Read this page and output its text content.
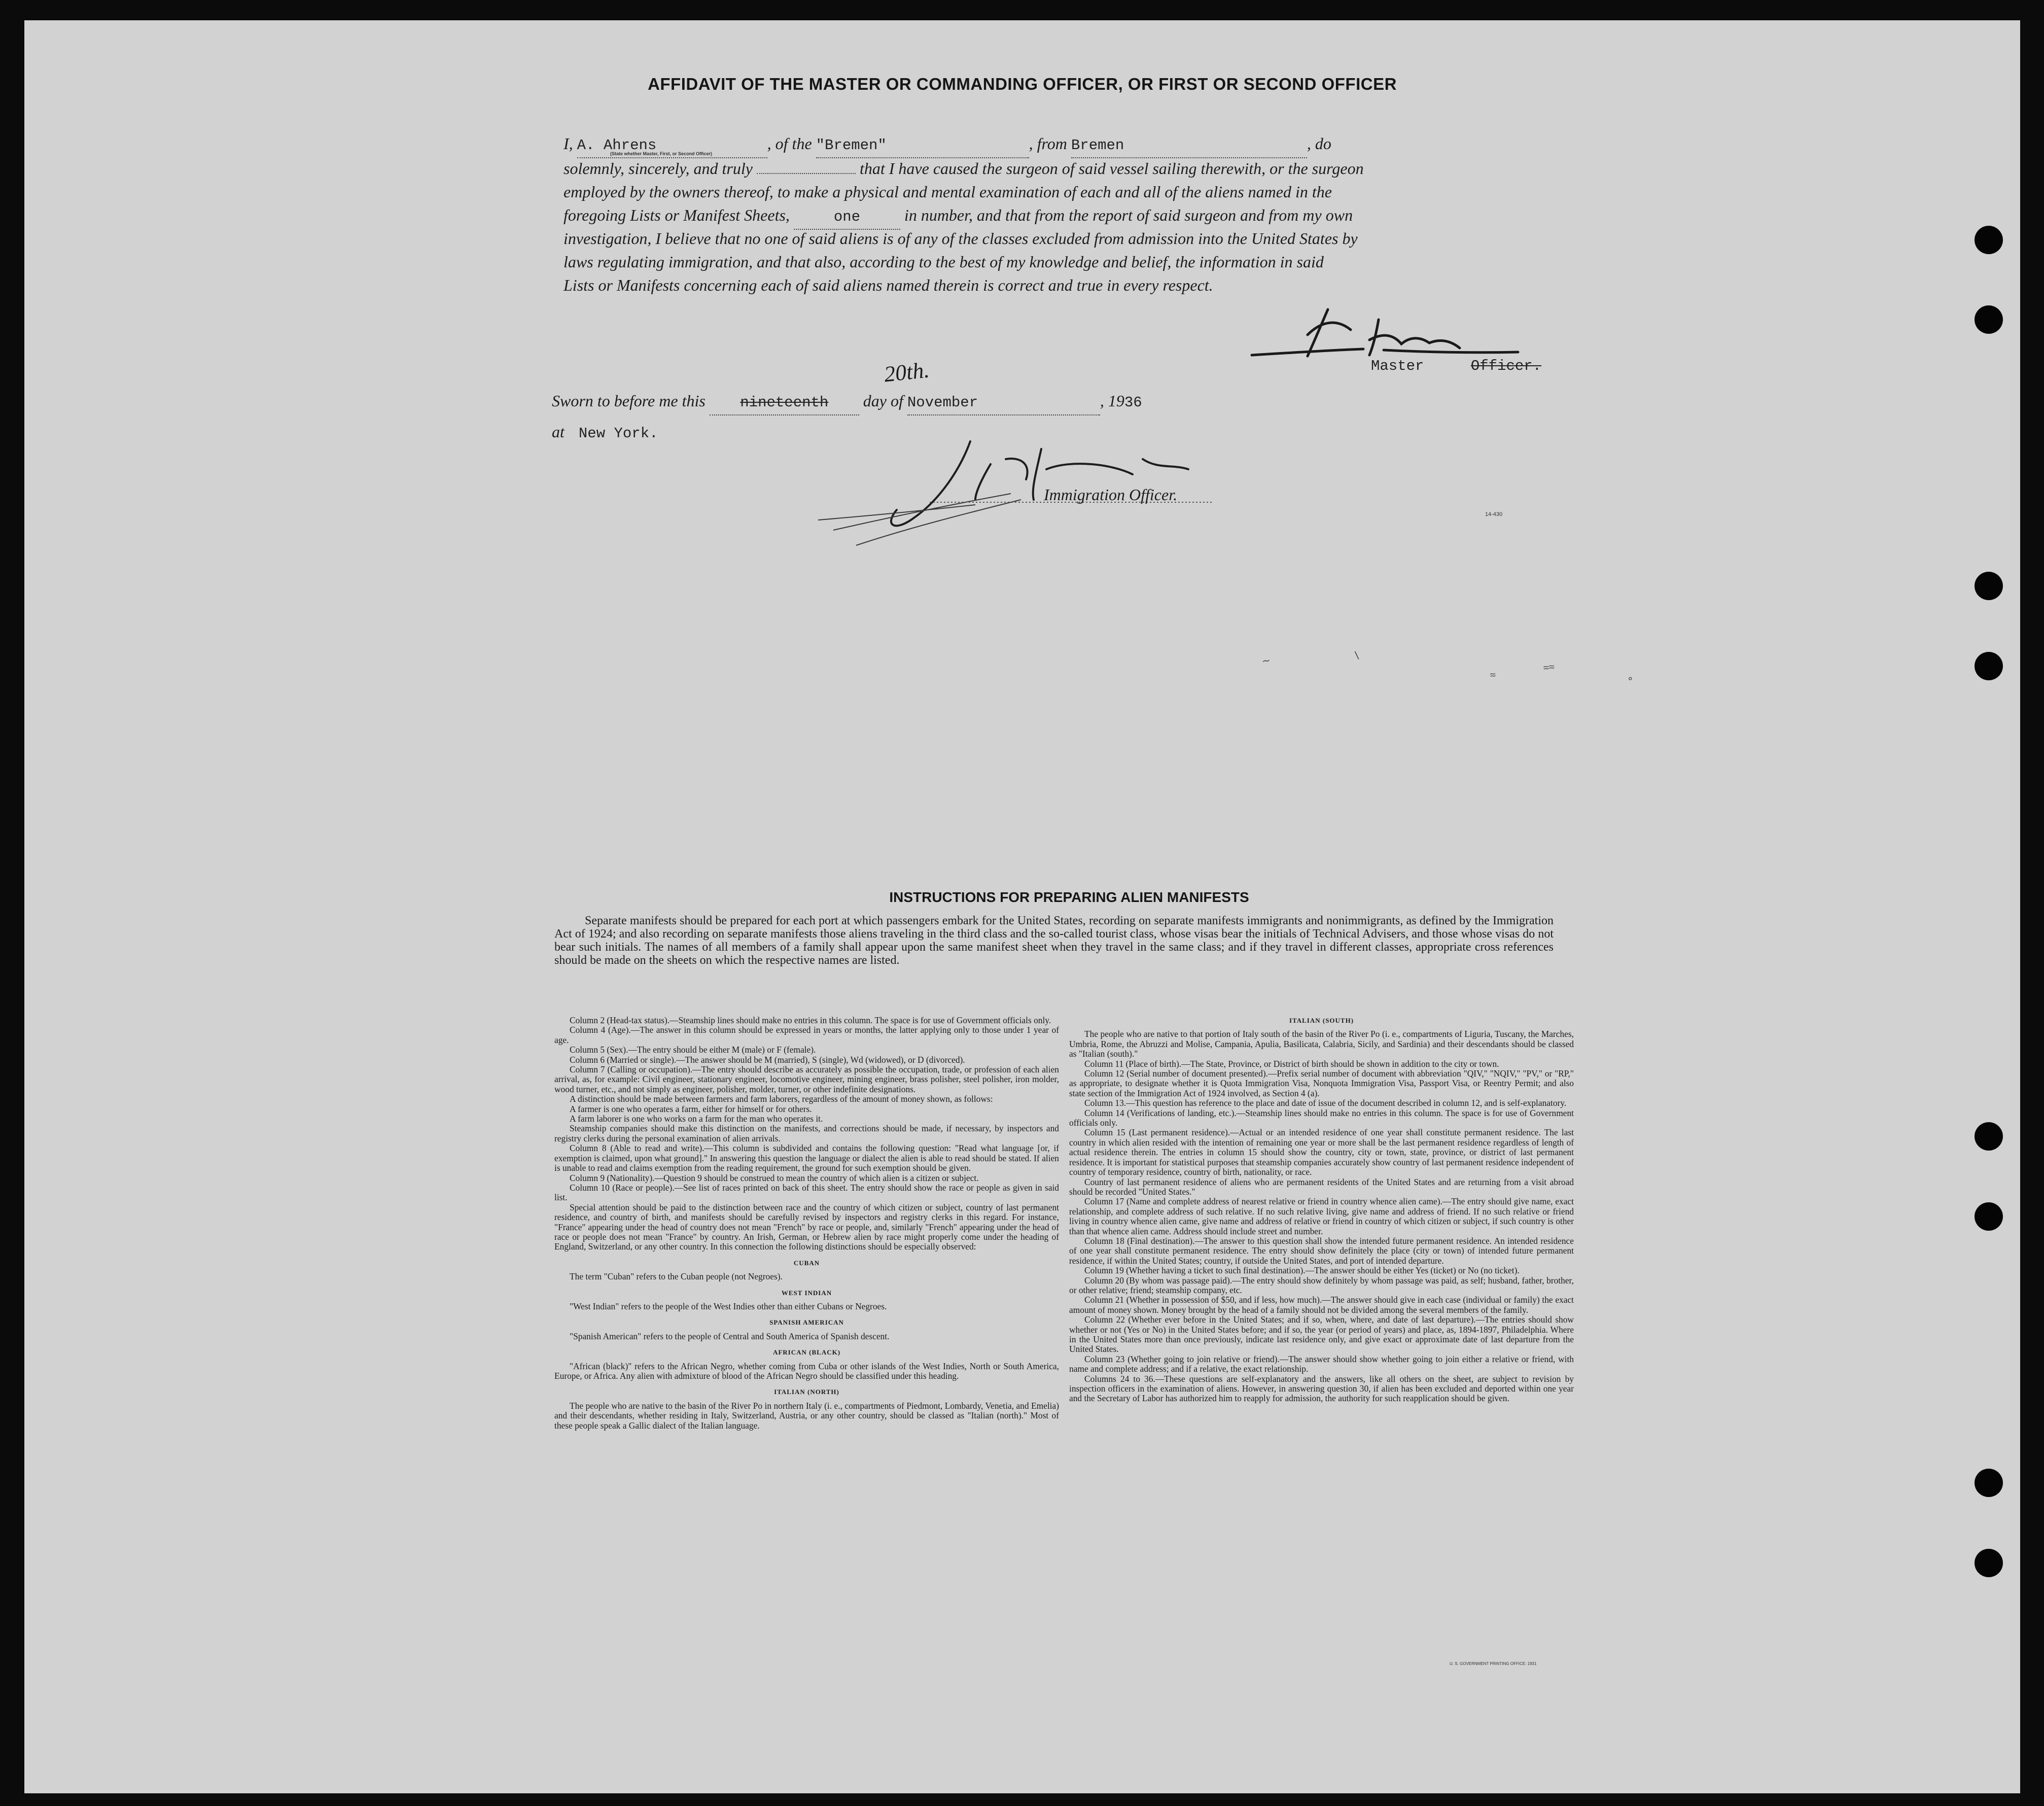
AFFIDAVIT OF THE MASTER OR COMMANDING OFFICER, OR FIRST OR SECOND OFFICER
I, A. Ahrens	, of the "Bremen"	, from Bremen	, do
(State whether Master, First, or Second Officer)
solemnly, sincerely, and truly	that I have caused the surgeon of said vessel sailing therewith, or the surgeon
employed by the owners thereof, to make a physical and mental examination of each and all of the aliens named in the
foregoing Lists or Manifest Sheets,	one	in number, and that from the report of said surgeon and from my own
investigation, I believe that no one of said aliens is of any of the classes excluded from admission into the United States by
laws regulating immigration, and that also, according to the best of my knowledge and belief, the information in said
Lists or Manifests concerning each of said aliens named therein is correct and true in every respect.
Master	Officer.
20th.
Sworn to before me this nineteenth day of November	, 1936
at New York.
Immigration Officer.
14-430
∼	∖
≈
≈≈
∘
INSTRUCTIONS FOR PREPARING ALIEN MANIFESTS

Separate manifests should be prepared for each port at which passengers embark for the United States, recording on separate manifests immigrants and nonimmigrants, as defined by the Immigration Act of 1924; and also recording on separate manifests those aliens traveling in the third class and the so-called tourist class, whose visas bear the initials of Technical Advisers, and those whose visas do not bear such initials. The names of all members of a family shall appear upon the same manifest sheet when they travel in the same class; and if they travel in different classes, appropriate cross references should be made on the sheets on which the respective names are listed.

Column 2 (Head-tax status).—Steamship lines should make no entries in this column. The space is for use of Government officials only.

Column 4 (Age).—The answer in this column should be expressed in years or months, the latter applying only to those under 1 year of age.

Column 5 (Sex).—The entry should be either M (male) or F (female).

Column 6 (Married or single).—The answer should be M (married), S (single), Wd (widowed), or D (divorced).

Column 7 (Calling or occupation).—The entry should describe as accurately as possible the occupation, trade, or profession of each alien arrival, as, for example: Civil engineer, stationary engineer, locomotive engineer, mining engineer, brass polisher, steel polisher, iron molder, wood turner, etc., and not simply as engineer, polisher, molder, turner, or other indefinite designations.

A distinction should be made between farmers and farm laborers, regardless of the amount of money shown, as follows:

A farmer is one who operates a farm, either for himself or for others.

A farm laborer is one who works on a farm for the man who operates it.

Steamship companies should make this distinction on the manifests, and corrections should be made, if necessary, by inspectors and registry clerks during the personal examination of alien arrivals.

Column 8 (Able to read and write).—This column is subdivided and contains the following question: "Read what language [or, if exemption is claimed, upon what ground]." In answering this question the language or dialect the alien is able to read should be stated. If alien is unable to read and claims exemption from the reading requirement, the ground for such exemption should be given.

Column 9 (Nationality).—Question 9 should be construed to mean the country of which alien is a citizen or subject.

Column 10 (Race or people).—See list of races printed on back of this sheet. The entry should show the race or people as given in said list.

Special attention should be paid to the distinction between race and the country of which citizen or subject, country of last permanent residence, and country of birth, and manifests should be carefully revised by inspectors and registry clerks in this regard. For instance, "France" appearing under the head of country does not mean "French" by race or people, and, similarly "French" appearing under the head of race or people does not mean "France" by country. An Irish, German, or Hebrew alien by race might properly come under the heading of England, Switzerland, or any other country. In this connection the following distinctions should be especially observed:

CUBAN

The term "Cuban" refers to the Cuban people (not Negroes).

WEST INDIAN

"West Indian" refers to the people of the West Indies other than either Cubans or Negroes.

SPANISH AMERICAN

"Spanish American" refers to the people of Central and South America of Spanish descent.

AFRICAN (BLACK)

"African (black)" refers to the African Negro, whether coming from Cuba or other islands of the West Indies, North or South America, Europe, or Africa. Any alien with admixture of blood of the African Negro should be classified under this heading.

ITALIAN (NORTH)

The people who are native to the basin of the River Po in northern Italy (i. e., compartments of Piedmont, Lombardy, Venetia, and Emelia) and their descendants, whether residing in Italy, Switzerland, Austria, or any other country, should be classed as "Italian (north)." Most of these people speak a Gallic dialect of the Italian language.

ITALIAN (SOUTH)

The people who are native to that portion of Italy south of the basin of the River Po (i. e., compartments of Liguria, Tuscany, the Marches, Umbria, Rome, the Abruzzi and Molise, Campania, Apulia, Basilicata, Calabria, Sicily, and Sardinia) and their descendants should be classed as "Italian (south)."

Column 11 (Place of birth).—The State, Province, or District of birth should be shown in addition to the city or town.

Column 12 (Serial number of document presented).—Prefix serial number of document with abbreviation "QIV," "NQIV," "PV," or "RP," as appropriate, to designate whether it is Quota Immigration Visa, Nonquota Immigration Visa, Passport Visa, or Reentry Permit; and also state section of the Immigration Act of 1924 involved, as Section 4 (a).

Column 13.—This question has reference to the place and date of issue of the document described in column 12, and is self-explanatory.

Column 14 (Verifications of landing, etc.).—Steamship lines should make no entries in this column. The space is for use of Government officials only.

Column 15 (Last permanent residence).—Actual or an intended residence of one year shall constitute permanent residence. The last country in which alien resided with the intention of remaining one year or more shall be the last permanent residence regardless of length of actual residence therein. The entries in column 15 should show the country, city or town, state, province, or district of last permanent residence. It is important for statistical purposes that steamship companies accurately show country of last permanent residence independent of country of temporary residence, country of birth, nationality, or race.

Country of last permanent residence of aliens who are permanent residents of the United States and are returning from a visit abroad should be recorded "United States."

Column 17 (Name and complete address of nearest relative or friend in country whence alien came).—The entry should give name, exact relationship, and complete address of such relative. If no such relative living, give name and address of friend. If no such relative or friend living in country whence alien came, give name and address of relative or friend in country of which citizen or subject, if such country is other than that whence alien came. Address should include street and number.

Column 18 (Final destination).—The answer to this question shall show the intended future permanent residence. An intended residence of one year shall constitute permanent residence. The entry should show definitely the place (city or town) of intended future permanent residence, if within the United States; country, if outside the United States, and port of intended departure.

Column 19 (Whether having a ticket to such final destination).—The answer should be either Yes (ticket) or No (no ticket).

Column 20 (By whom was passage paid).—The entry should show definitely by whom passage was paid, as self; husband, father, brother, or other relative; friend; steamship company, etc.

Column 21 (Whether in possession of $50, and if less, how much).—The answer should give in each case (individual or family) the exact amount of money shown. Money brought by the head of a family should not be divided among the several members of the family.

Column 22 (Whether ever before in the United States; and if so, when, where, and date of last departure).—The entries should show whether or not (Yes or No) in the United States before; and if so, the year (or period of years) and place, as, 1894-1897, Philadelphia. Where in the United States more than once previously, indicate last residence only, and give exact or approximate date of last departure from the United States.

Column 23 (Whether going to join relative or friend).—The answer should show whether going to join either a relative or friend, with name and complete address; and if a relative, the exact relationship.

Columns 24 to 36.—These questions are self-explanatory and the answers, like all others on the sheet, are subject to revision by inspection officers in the examination of aliens. However, in answering question 30, if alien has been excluded and deported within one year and the Secretary of Labor has authorized him to reapply for admission, the authority for such reapplication should be given.

U. S. GOVERNMENT PRINTING OFFICE: 1931
